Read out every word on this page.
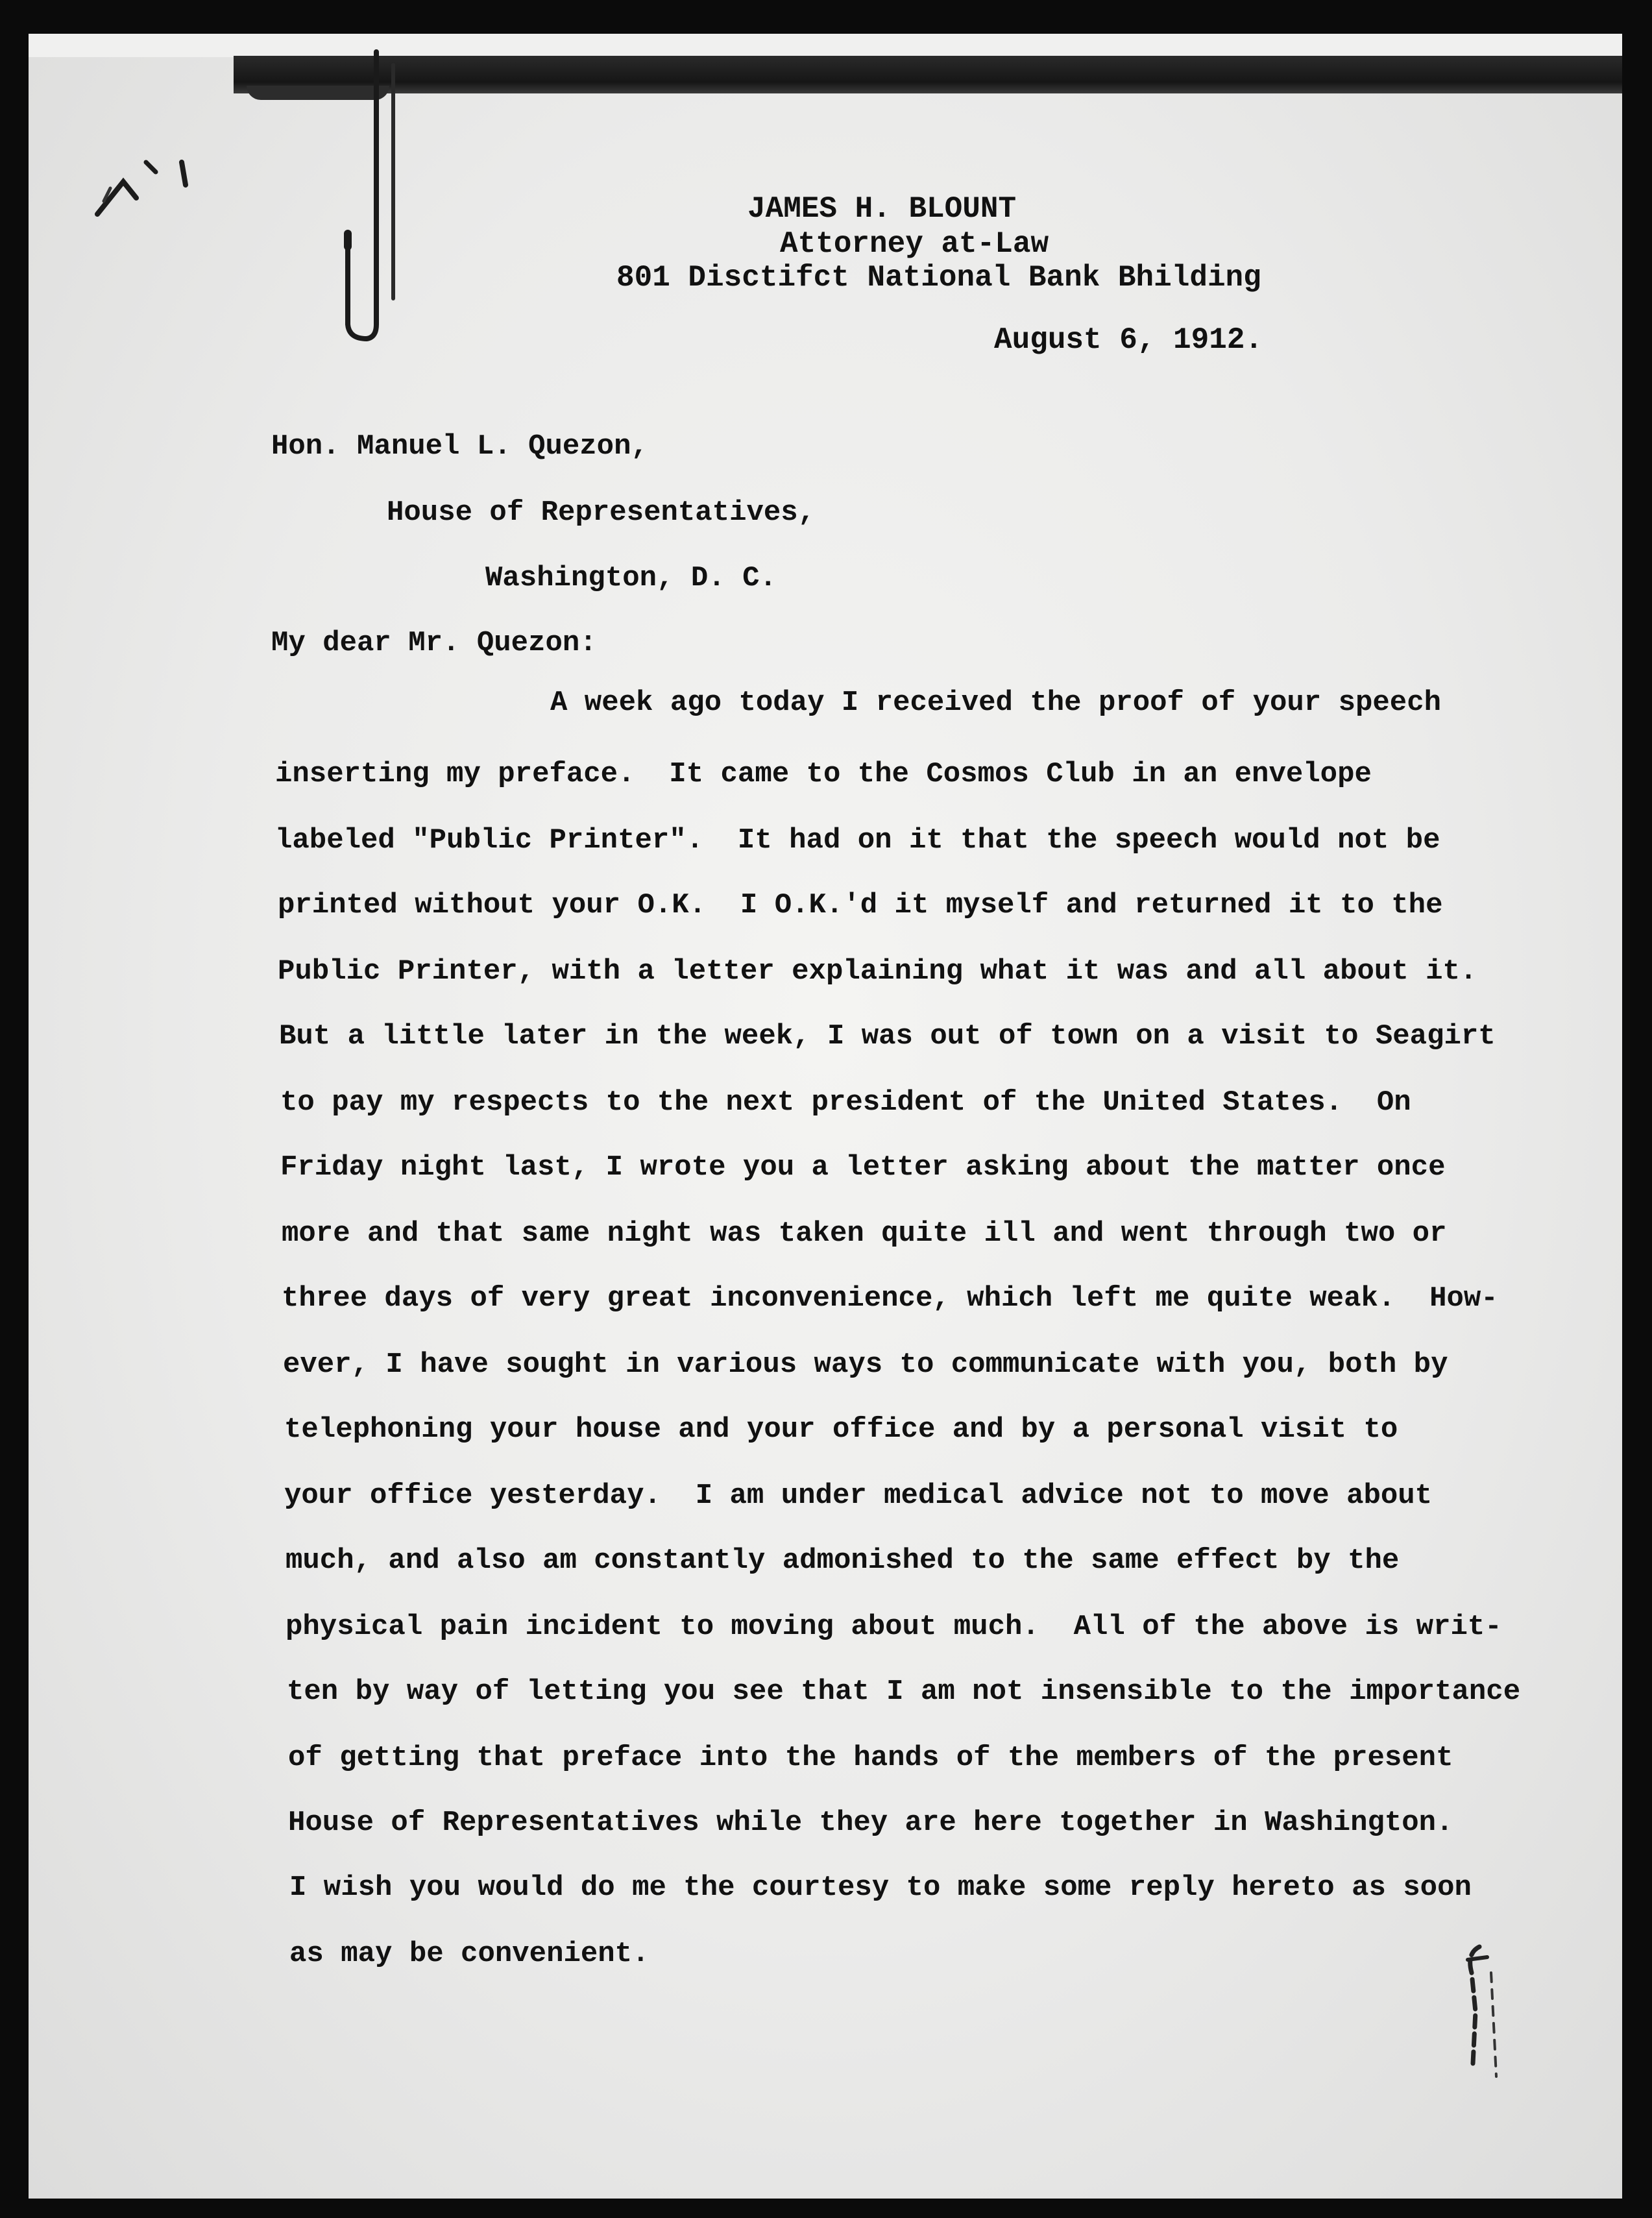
JAMES H. BLOUNT

Attorney at-Law

801 Disctifct National Bank Bhilding

August 6, 1912.

Hon. Manuel L. Quezon,

House of Representatives,

Washington, D. C.

My dear Mr. Quezon:

A week ago today I received the proof of your speech

inserting my preface.  It came to the Cosmos Club in an envelope

labeled "Public Printer".  It had on it that the speech would not be

printed without your O.K.  I O.K.'d it myself and returned it to the

Public Printer, with a letter explaining what it was and all about it.

But a little later in the week, I was out of town on a visit to Seagirt

to pay my respects to the next president of the United States.  On

Friday night last, I wrote you a letter asking about the matter once

more and that same night was taken quite ill and went through two or

three days of very great inconvenience, which left me quite weak.  How-

ever, I have sought in various ways to communicate with you, both by

telephoning your house and your office and by a personal visit to

your office yesterday.  I am under medical advice not to move about

much, and also am constantly admonished to the same effect by the

physical pain incident to moving about much.  All of the above is writ-

ten by way of letting you see that I am not insensible to the importance

of getting that preface into the hands of the members of the present

House of Representatives while they are here together in Washington.

I wish you would do me the courtesy to make some reply hereto as soon

as may be convenient.
